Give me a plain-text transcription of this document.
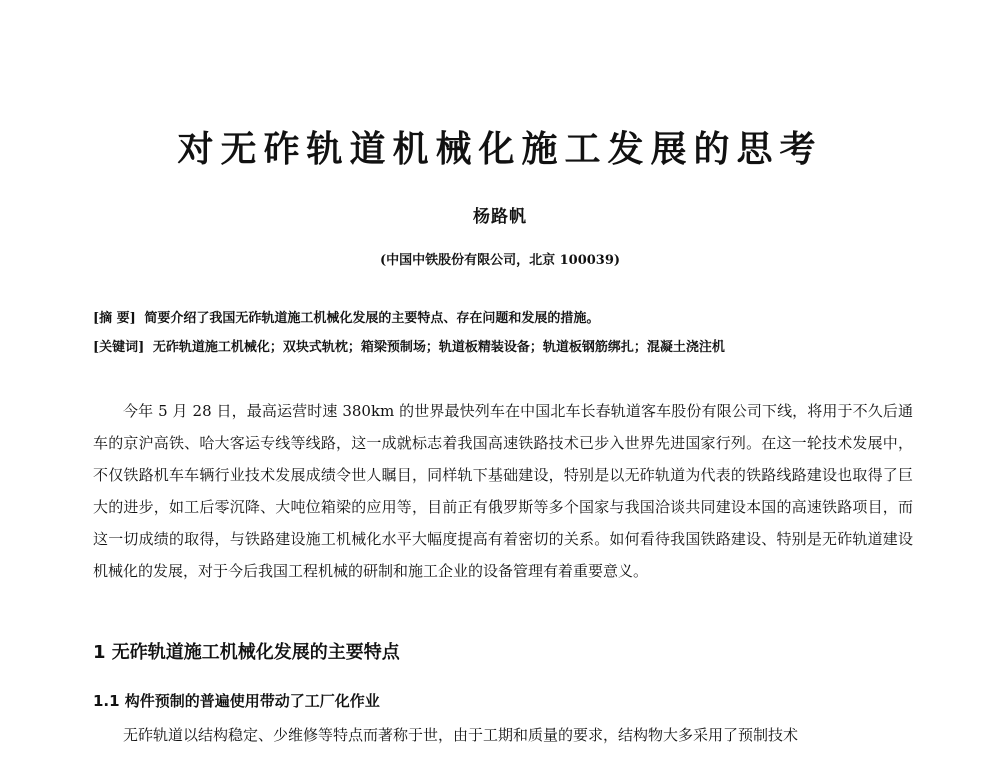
对无砟轨道机械化施工发展的思考
杨路帆
(中国中铁股份有限公司，北京 100039)
[摘 要] 简要介绍了我国无砟轨道施工机械化发展的主要特点、存在问题和发展的措施。
[关键词] 无砟轨道施工机械化；双块式轨枕；箱梁预制场；轨道板精装设备；轨道板钢筋绑扎；混凝土浇注机

今年 5 月 28 日，最高运营时速 380km 的世界最快列车在中国北车长春轨道客车股份有限公司下线，将用于不久后通车的京沪高铁、哈大客运专线等线路，这一成就标志着我国高速铁路技术已步入世界先进国家行列。在这一轮技术发展中，不仅铁路机车车辆行业技术发展成绩令世人瞩目，同样轨下基础建设，特别是以无砟轨道为代表的铁路线路建设也取得了巨大的进步，如工后零沉降、大吨位箱梁的应用等，目前正有俄罗斯等多个国家与我国洽谈共同建设本国的高速铁路项目，而这一切成绩的取得，与铁路建设施工机械化水平大幅度提高有着密切的关系。如何看待我国铁路建设、特别是无砟轨道建设机械化的发展，对于今后我国工程机械的研制和施工企业的设备管理有着重要意义。

1 无砟轨道施工机械化发展的主要特点
1.1 构件预制的普遍使用带动了工厂化作业

无砟轨道以结构稳定、少维修等特点而著称于世，由于工期和质量的要求，结构物大多采用了预制技术
